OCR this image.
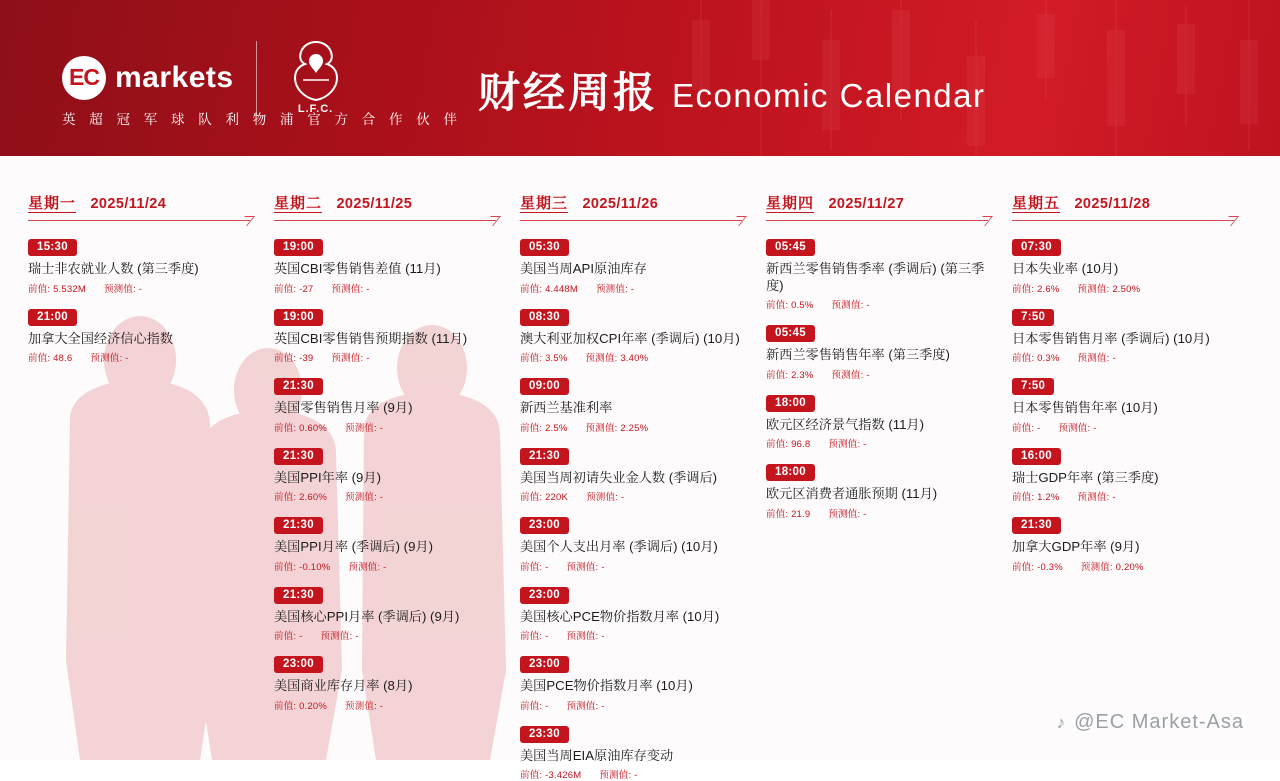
EC markets
L.F.C.
英 超 冠 军 球 队 利 物 浦 官 方 合 作 伙 伴
财经周报 Economic Calendar
星期一 2025/11/24
15:30
瑞士非农就业人数 (第三季度)
前值: 5.532M 预测值: -
21:00
加拿大全国经济信心指数
前值: 48.6 预测值: -
星期二 2025/11/25
19:00
英国CBI零售销售差值 (11月)
前值: -27 预测值: -
19:00
英国CBI零售销售预期指数 (11月)
前值: -39 预测值: -
21:30
美国零售销售月率 (9月)
前值: 0.60% 预测值: -
21:30
美国PPI年率 (9月)
前值: 2.60% 预测值: -
21:30
美国PPI月率 (季调后) (9月)
前值: -0.10% 预测值: -
21:30
美国核心PPI月率 (季调后) (9月)
前值: - 预测值: -
23:00
美国商业库存月率 (8月)
前值: 0.20% 预测值: -
星期三 2025/11/26
05:30
美国当周API原油库存
前值: 4.448M 预测值: -
08:30
澳大利亚加权CPI年率 (季调后) (10月)
前值: 3.5% 预测值: 3.40%
09:00
新西兰基准利率
前值: 2.5% 预测值: 2.25%
21:30
美国当周初请失业金人数 (季调后)
前值: 220K 预测值: -
23:00
美国个人支出月率 (季调后) (10月)
前值: - 预测值: -
23:00
美国核心PCE物价指数月率 (10月)
前值: - 预测值: -
23:00
美国PCE物价指数月率 (10月)
前值: - 预测值: -
23:30
美国当周EIA原油库存变动
前值: -3.426M 预测值: -
星期四 2025/11/27
05:45
新西兰零售销售季率 (季调后) (第三季度)
前值: 0.5% 预测值: -
05:45
新西兰零售销售年率 (第三季度)
前值: 2.3% 预测值: -
18:00
欧元区经济景气指数 (11月)
前值: 96.8 预测值: -
18:00
欧元区消费者通胀预期 (11月)
前值: 21.9 预测值: -
星期五 2025/11/28
07:30
日本失业率 (10月)
前值: 2.6% 预测值: 2.50%
7:50
日本零售销售月率 (季调后) (10月)
前值: 0.3% 预测值: -
7:50
日本零售销售年率 (10月)
前值: - 预测值: -
16:00
瑞士GDP年率 (第三季度)
前值: 1.2% 预测值: -
21:30
加拿大GDP年率 (9月)
前值: -0.3% 预测值: 0.20%
♪ @EC Market-Asa
